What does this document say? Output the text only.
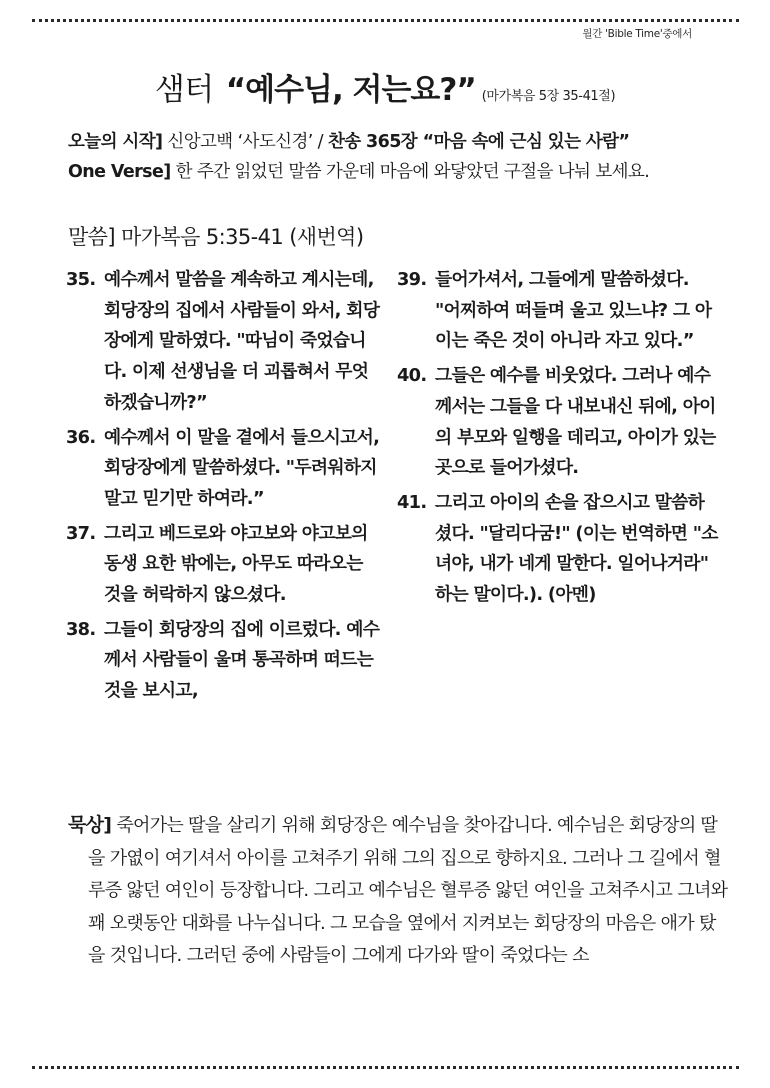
월간 'Bible Time'중에서
샘터 “예수님, 저는요?” (마가복음 5장 35-41절)
오늘의 시작] 신앙고백 ‘사도신경’ / 찬송 365장 “마음 속에 근심 있는 사람”
One Verse] 한 주간 읽었던 말씀 가운데 마음에 와닿았던 구절을 나눠 보세요.
말씀] 마가복음 5:35-41 (새번역)

35. 예수께서 말씀을 계속하고 계시는데, 회당장의 집에서 사람들이 와서, 회당장에게 말하였다. "따님이 죽었습니다. 이제 선생님을 더 괴롭혀서 무엇하겠습니까?”

36. 예수께서 이 말을 곁에서 들으시고서, 회당장에게 말씀하셨다. "두려워하지 말고 믿기만 하여라.”

37. 그리고 베드로와 야고보와 야고보의 동생 요한 밖에는, 아무도 따라오는 것을 허락하지 않으셨다.

38. 그들이 회당장의 집에 이르렀다. 예수께서 사람들이 울며 통곡하며 떠드는 것을 보시고,

39. 들어가셔서, 그들에게 말씀하셨다. "어찌하여 떠들며 울고 있느냐? 그 아이는 죽은 것이 아니라 자고 있다.”

40. 그들은 예수를 비웃었다. 그러나 예수께서는 그들을 다 내보내신 뒤에, 아이의 부모와 일행을 데리고, 아이가 있는 곳으로 들어가셨다.

41. 그리고 아이의 손을 잡으시고 말씀하셨다. "달리다굼!" (이는 번역하면 "소녀야, 내가 네게 말한다. 일어나거라" 하는 말이다.). (아멘)

묵상] 죽어가는 딸을 살리기 위해 회당장은 예수님을 찾아갑니다. 예수님은 회당장의 딸을 가엾이 여기셔서 아이를 고쳐주기 위해 그의 집으로 향하지요. 그러나 그 길에서 혈루증 앓던 여인이 등장합니다. 그리고 예수님은 혈루증 앓던 여인을 고쳐주시고 그녀와 꽤 오랫동안 대화를 나누십니다. 그 모습을 옆에서 지켜보는 회당장의 마음은 애가 탔을 것입니다. 그러던 중에 사람들이 그에게 다가와 딸이 죽었다는 소
